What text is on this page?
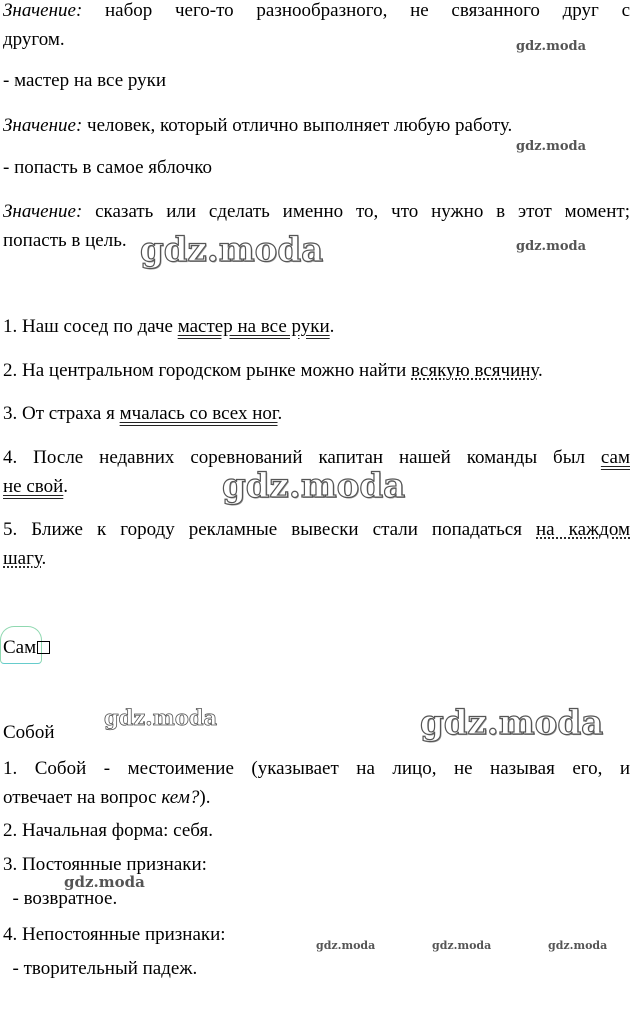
Значение: набор чего-то разнообразного, не связанного друг с
другом.
- мастер на все руки
Значение: человек, который отлично выполняет любую работу.
- попасть в самое яблочко
Значение: сказать или сделать именно то, что нужно в этот момент;
попасть в цель.
1. Наш сосед по даче мастер на все руки.
2. На центральном городском рынке можно найти всякую всячину.
3. От страха я мчалась со всех ног.
4. После недавних соревнований капитан нашей команды был сам
не свой.
5. Ближе к городу рекламные вывески стали попадаться на каждом
шагу.
Сам
Собой
1. Собой - местоимение (указывает на лицо, не называя его, и
отвечает на вопрос кем?).
2. Начальная форма: себя.
3. Постоянные признаки:
- возвратное.
4. Непостоянные признаки:
- творительный падеж.
gdz.moda
gdz.moda
gdz.moda
gdz.moda
gdz.moda
gdz.moda	gdz.moda
gdz.moda
gdz.moda	gdz.moda	gdz.moda
